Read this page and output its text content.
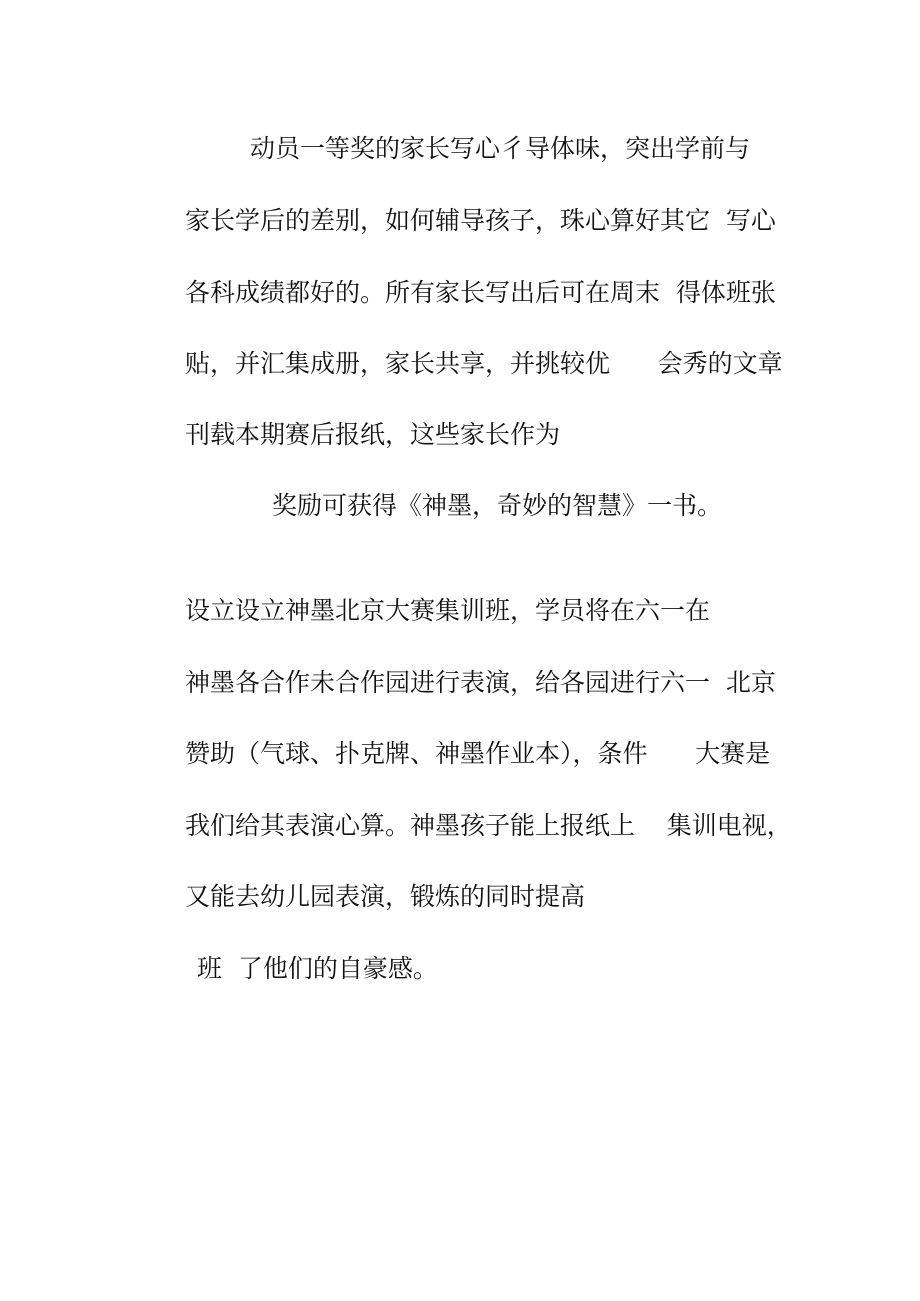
动员一等奖的家长写心彳导体味，突出学前与
家长学后的差别，如何辅导孩子，珠心算好其它  写心
各科成绩都好的。所有家长写出后可在周末  得体班张
贴，并汇集成册，家长共享，并挑较优      会秀的文章
刊载本期赛后报纸，这些家长作为
奖励可获得《神墨，奇妙的智慧》一书。
设立设立神墨北京大赛集训班，学员将在六一在
神墨各合作未合作园进行表演，给各园进行六一  北京
赞助（气球、扑克牌、神墨作业本），条件      大赛是
我们给其表演心算。神墨孩子能上报纸上    集训电视，
又能去幼儿园表演，锻炼的同时提高
班  了他们的自豪感。
